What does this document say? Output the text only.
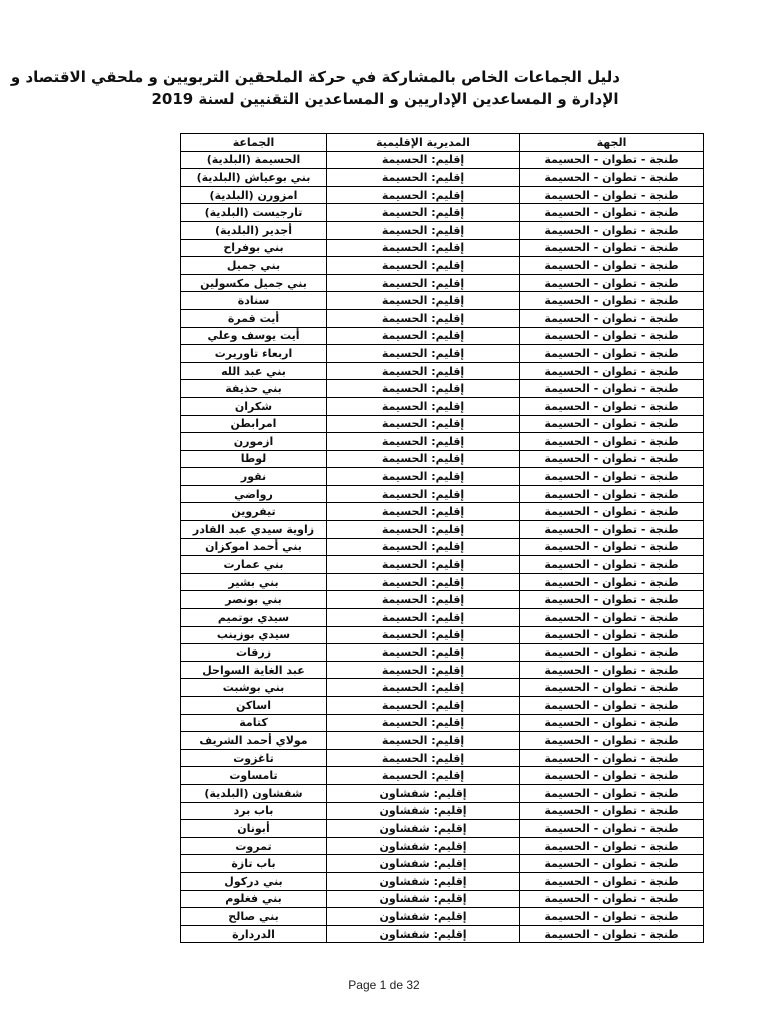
دليل الجماعات الخاص بالمشاركة في حركة الملحقين التربويين و ملحقي الاقتصاد و
الإدارة و المساعدين الإداريين و المساعدين التقنيين لسنة 2019
الجهة	المديرية الإقليمية	الجماعة
طنجة - تطوان - الحسيمة	إقليم: الحسيمة	الحسيمة (البلدية)
طنجة - تطوان - الحسيمة	إقليم: الحسيمة	بني بوعياش (البلدية)
طنجة - تطوان - الحسيمة	إقليم: الحسيمة	امزورن (البلدية)
طنجة - تطوان - الحسيمة	إقليم: الحسيمة	تارجيست (البلدية)
طنجة - تطوان - الحسيمة	إقليم: الحسيمة	أجدير (البلدية)
طنجة - تطوان - الحسيمة	إقليم: الحسيمة	بني بوفراح
طنجة - تطوان - الحسيمة	إقليم: الحسيمة	بني جميل
طنجة - تطوان - الحسيمة	إقليم: الحسيمة	بني جميل مكسولين
طنجة - تطوان - الحسيمة	إقليم: الحسيمة	سنادة
طنجة - تطوان - الحسيمة	إقليم: الحسيمة	أيت قمرة
طنجة - تطوان - الحسيمة	إقليم: الحسيمة	أيت يوسف وعلي
طنجة - تطوان - الحسيمة	إقليم: الحسيمة	اربعاء تاوريرت
طنجة - تطوان - الحسيمة	إقليم: الحسيمة	بني عبد الله
طنجة - تطوان - الحسيمة	إقليم: الحسيمة	بني حذيفة
طنجة - تطوان - الحسيمة	إقليم: الحسيمة	شكران
طنجة - تطوان - الحسيمة	إقليم: الحسيمة	امرابطن
طنجة - تطوان - الحسيمة	إقليم: الحسيمة	ازمورن
طنجة - تطوان - الحسيمة	إقليم: الحسيمة	لوطا
طنجة - تطوان - الحسيمة	إقليم: الحسيمة	نقور
طنجة - تطوان - الحسيمة	إقليم: الحسيمة	رواضي
طنجة - تطوان - الحسيمة	إقليم: الحسيمة	تيفروين
طنجة - تطوان - الحسيمة	إقليم: الحسيمة	زاوية سيدي عبد القادر
طنجة - تطوان - الحسيمة	إقليم: الحسيمة	بني أحمد اموكزان
طنجة - تطوان - الحسيمة	إقليم: الحسيمة	بني عمارت
طنجة - تطوان - الحسيمة	إقليم: الحسيمة	بني بشير
طنجة - تطوان - الحسيمة	إقليم: الحسيمة	بني بونصر
طنجة - تطوان - الحسيمة	إقليم: الحسيمة	سيدي بوتميم
طنجة - تطوان - الحسيمة	إقليم: الحسيمة	سيدي بوزينب
طنجة - تطوان - الحسيمة	إقليم: الحسيمة	زرقات
طنجة - تطوان - الحسيمة	إقليم: الحسيمة	عبد الغاية السواحل
طنجة - تطوان - الحسيمة	إقليم: الحسيمة	بني بوشبت
طنجة - تطوان - الحسيمة	إقليم: الحسيمة	اساكن
طنجة - تطوان - الحسيمة	إقليم: الحسيمة	كتامة
طنجة - تطوان - الحسيمة	إقليم: الحسيمة	مولاي أحمد الشريف
طنجة - تطوان - الحسيمة	إقليم: الحسيمة	تاغزوت
طنجة - تطوان - الحسيمة	إقليم: الحسيمة	تامساوت
طنجة - تطوان - الحسيمة	إقليم: شفشاون	شفشاون (البلدية)
طنجة - تطوان - الحسيمة	إقليم: شفشاون	باب برد
طنجة - تطوان - الحسيمة	إقليم: شفشاون	أبونان
طنجة - تطوان - الحسيمة	إقليم: شفشاون	تمروت
طنجة - تطوان - الحسيمة	إقليم: شفشاون	باب تازة
طنجة - تطوان - الحسيمة	إقليم: شفشاون	بني دركول
طنجة - تطوان - الحسيمة	إقليم: شفشاون	بني فغلوم
طنجة - تطوان - الحسيمة	إقليم: شفشاون	بني صالح
طنجة - تطوان - الحسيمة	إقليم: شفشاون	الدردارة
Page 1 de 32
